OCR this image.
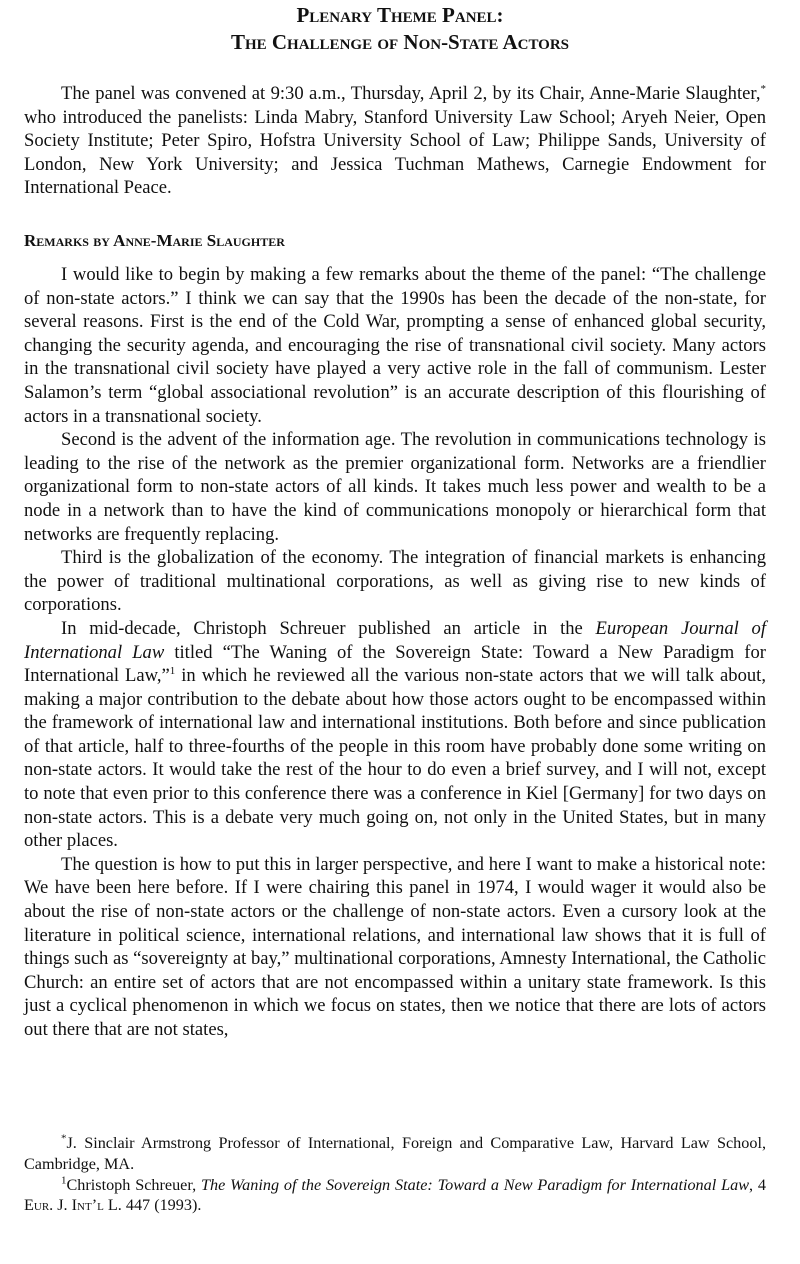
Plenary Theme Panel:

The Challenge of Non-State Actors

The panel was convened at 9:30 a.m., Thursday, April 2, by its Chair, Anne-Marie Slaughter,* who introduced the panelists: Linda Mabry, Stanford University Law School; Aryeh Neier, Open Society Institute; Peter Spiro, Hofstra University School of Law; Philippe Sands, University of London, New York University; and Jessica Tuchman Mathews, Carnegie Endowment for International Peace.

Remarks by Anne-Marie Slaughter

I would like to begin by making a few remarks about the theme of the panel: “The challenge of non-state actors.” I think we can say that the 1990s has been the decade of the non-state, for several reasons. First is the end of the Cold War, prompting a sense of enhanced global security, changing the security agenda, and encouraging the rise of transnational civil society. Many actors in the transnational civil society have played a very active role in the fall of communism. Lester Salamon’s term “global associational revolution” is an accurate description of this flourishing of actors in a transnational society.

Second is the advent of the information age. The revolution in communications technology is leading to the rise of the network as the premier organizational form. Networks are a friendlier organizational form to non-state actors of all kinds. It takes much less power and wealth to be a node in a network than to have the kind of communications monopoly or hierarchical form that networks are frequently replacing.

Third is the globalization of the economy. The integration of financial markets is enhancing the power of traditional multinational corporations, as well as giving rise to new kinds of corporations.

In mid-decade, Christoph Schreuer published an article in the European Journal of International Law titled “The Waning of the Sovereign State: Toward a New Paradigm for International Law,”$^1$ in which he reviewed all the various non-state actors that we will talk about, making a major contribution to the debate about how those actors ought to be encompassed within the framework of international law and international institutions. Both before and since publication of that article, half to three-fourths of the people in this room have probably done some writing on non-state actors. It would take the rest of the hour to do even a brief survey, and I will not, except to note that even prior to this conference there was a conference in Kiel [Germany] for two days on non-state actors. This is a debate very much going on, not only in the United States, but in many other places.

The question is how to put this in larger perspective, and here I want to make a historical note: We have been here before. If I were chairing this panel in 1974, I would wager it would also be about the rise of non-state actors or the challenge of non-state actors. Even a cursory look at the literature in political science, international relations, and international law shows that it is full of things such as “sovereignty at bay,” multinational corporations, Amnesty International, the Catholic Church: an entire set of actors that are not encompassed within a unitary state framework. Is this just a cyclical phenomenon in which we focus on states, then we notice that there are lots of actors out there that are not states,

*J. Sinclair Armstrong Professor of International, Foreign and Comparative Law, Harvard Law School, Cambridge, MA.

$^1$Christoph Schreuer, The Waning of the Sovereign State: Toward a New Paradigm for International Law, 4 Eur. J. Int’l L. 447 (1993).
